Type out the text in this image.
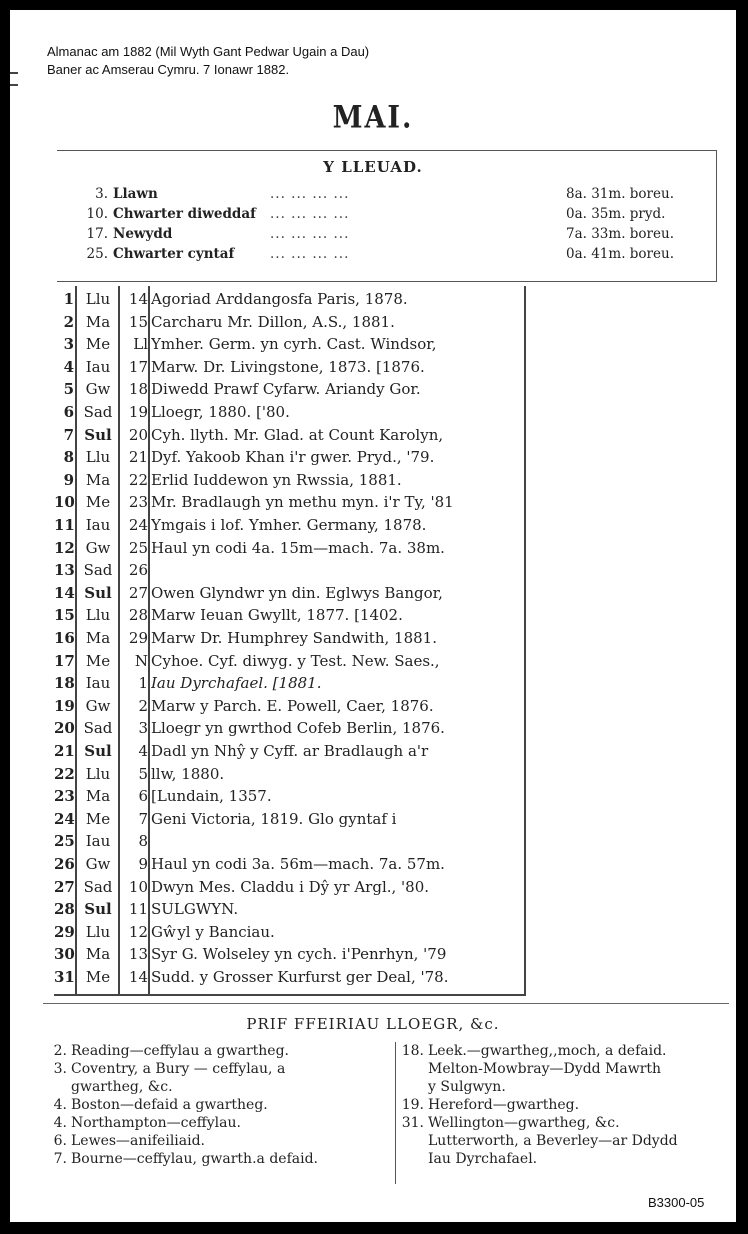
Almanac am 1882 (Mil Wyth Gant Pedwar Ugain a Dau)
Baner ac Amserau Cymru. 7 Ionawr 1882.
MAI.
Y LLEUAD.
3. Llawn	... ... ... ...	8a. 31m. boreu.
10. Chwarter diweddaf ... ... ... ...	0a. 35m. pryd.
17. Newydd	... ... ... ...	7a. 33m. boreu.
25. Chwarter cyntaf	... ... ... ...	0a. 41m. boreu.
1 Llu	14 Agoriad Arddangosfa Paris, 1878.
2 Ma	15 Carcharu Mr. Dillon, A.S., 1881.
3 Me	Ll Ymher. Germ. yn cyrh. Cast. Windsor,
4 Iau	17 Marw. Dr. Livingstone, 1873. [1876.
5 Gw	18 Diwedd Prawf Cyfarw. Ariandy Gor.
6 Sad	19 Lloegr, 1880. ['80.
7 Sul	20 Cyh. llyth. Mr. Glad. at Count Karolyn,
8 Llu	21 Dyf. Yakoob Khan i'r gwer. Pryd., '79.
9 Ma	22 Erlid Iuddewon yn Rwssia, 1881.
10 Me	23 Mr. Bradlaugh yn methu myn. i'r Ty, '81
11 Iau	24 Ymgais i lof. Ymher. Germany, 1878.
12 Gw	25 Haul yn codi 4a. 15m—mach. 7a. 38m.
13 Sad	26
14 Sul	27 Owen Glyndwr yn din. Eglwys Bangor,
15 Llu	28 Marw Ieuan Gwyllt, 1877. [1402.
16 Ma	29 Marw Dr. Humphrey Sandwith, 1881.
17 Me	N Cyhoe. Cyf. diwyg. y Test. New. Saes.,
18 Iau	1 Iau Dyrchafael. [1881.
19 Gw	2 Marw y Parch. E. Powell, Caer, 1876.
20 Sad	3 Lloegr yn gwrthod Cofeb Berlin, 1876.
21 Sul	4 Dadl yn Nhŷ y Cyff. ar Bradlaugh a'r
22 Llu	5 llw, 1880.
23 Ma	6 [Lundain, 1357.
24 Me	7 Geni Victoria, 1819. Glo gyntaf i
25 Iau	8
26 Gw	9 Haul yn codi 3a. 56m—mach. 7a. 57m.
27 Sad	10 Dwyn Mes. Claddu i Dŷ yr Argl., '80.
28 Sul	11 SULGWYN.
29 Llu	12 Gŵyl y Banciau.
30 Ma	13 Syr G. Wolseley yn cych. i'Penrhyn, '79
31 Me	14 Sudd. y Grosser Kurfurst ger Deal, '78.
PRIF FFEIRIAU LLOEGR, &c.
2. Reading—ceffylau a gwartheg.
3. Coventry, a Bury — ceffylau, a
gwartheg, &c.
4. Boston—defaid a gwartheg.
4. Northampton—ceffylau.
6. Lewes—anifeiliaid.
7. Bourne—ceffylau, gwarth.a defaid.
18. Leek.—gwartheg,,moch, a defaid.
Melton-Mowbray—Dydd Mawrth
y Sulgwyn.
19. Hereford—gwartheg.
31. Wellington—gwartheg, &c.
Lutterworth, a Beverley—ar Ddydd
Iau Dyrchafael.
B3300-05
